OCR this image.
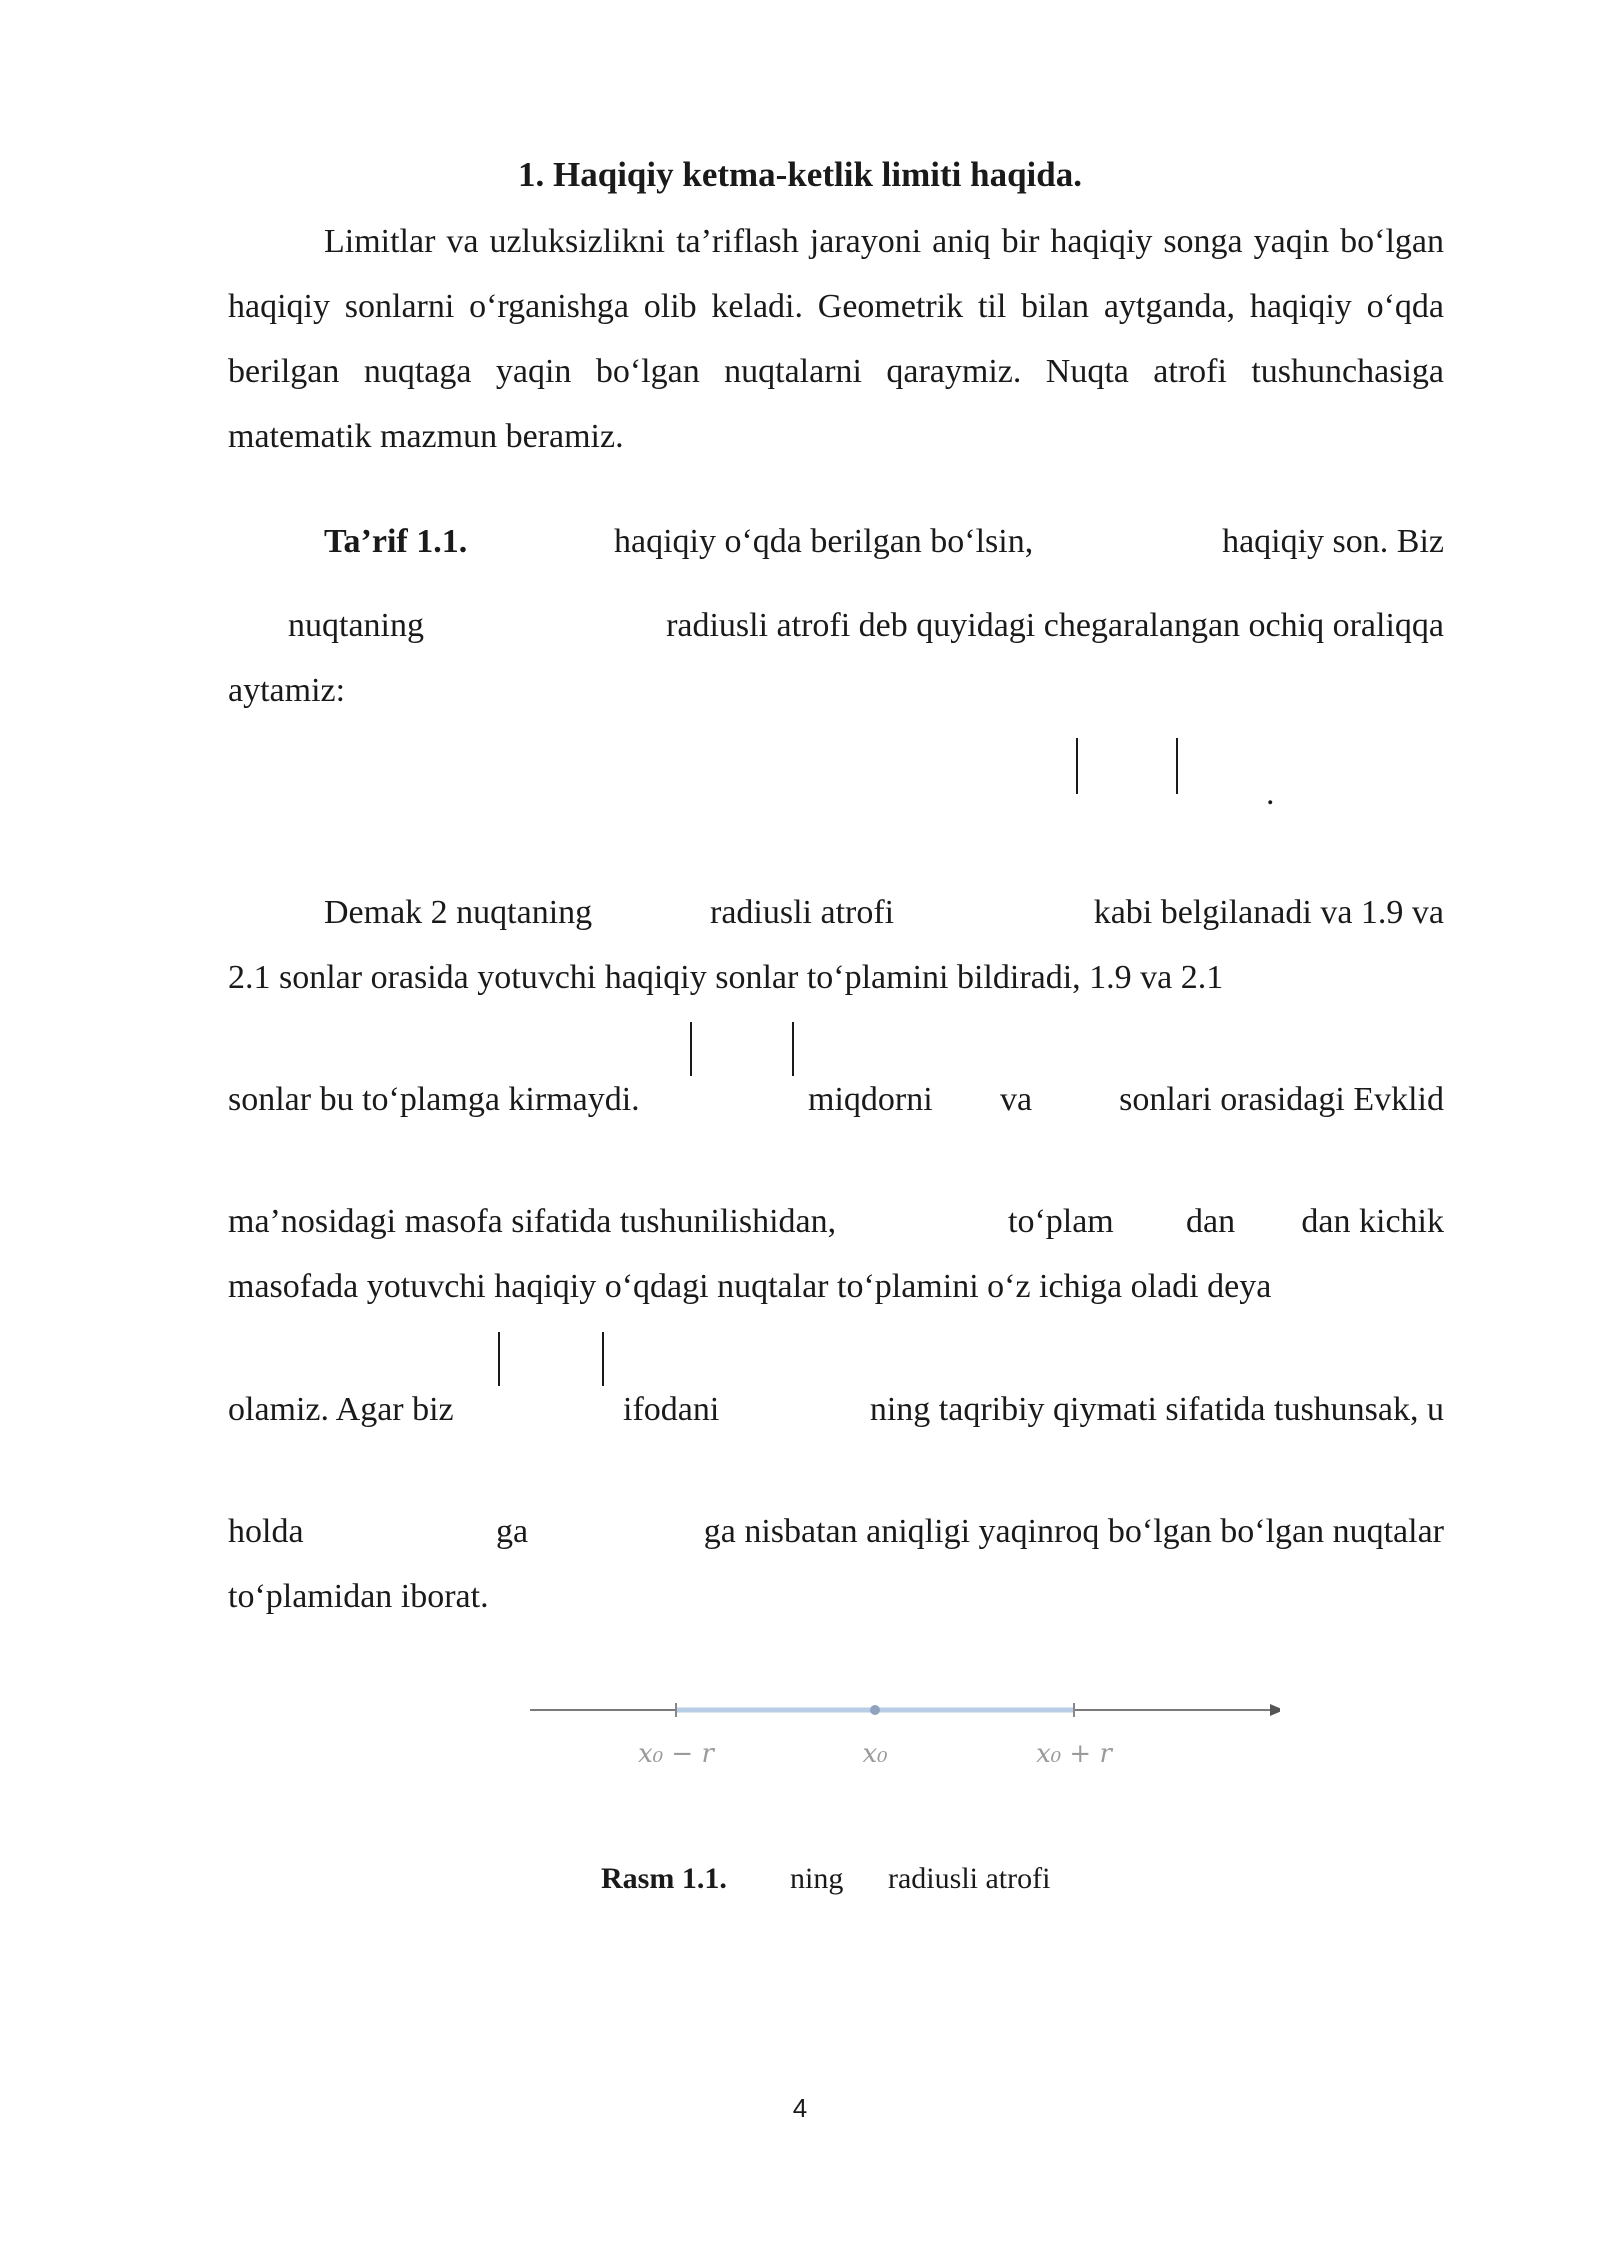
1. Haqiqiy ketma-ketlik limiti haqida.

Limitlar va uzluksizlikni ta’riflash jarayoni aniq bir haqiqiy songa yaqin bo‘lgan haqiqiy sonlarni o‘rganishga olib keladi. Geometrik til bilan aytganda, haqiqiy o‘qda berilgan nuqtaga yaqin bo‘lgan nuqtalarni qaraymiz. Nuqta atrofi tushunchasiga matematik mazmun beramiz.

Ta’rif 1.1.	haqiqiy o‘qda berilgan bo‘lsin,	haqiqiy son. Biz
nuqtaning	radiusli atrofi deb quyidagi chegaralangan ochiq oraliqqa
aytamiz:
.
Demak 2 nuqtaning	radiusli atrofi	kabi belgilanadi va 1.9 va
2.1 sonlar orasida yotuvchi haqiqiy sonlar to‘plamini bildiradi, 1.9 va 2.1
sonlar bu to‘plamga kirmaydi.	miqdorni va	sonlari orasidagi Evklid
ma’nosidagi masofa sifatida tushunilishidan,	to‘plam dan dan kichik
masofada yotuvchi haqiqiy o‘qdagi nuqtalar to‘plamini o‘z ichiga oladi deya
olamiz. Agar biz	ifodani	ning taqribiy qiymati sifatida tushunsak, u
holda	ga	ga nisbatan aniqligi yaqinroq bo‘lgan bo‘lgan nuqtalar
to‘plamidan iborat.
x₀ − r	x₀	x₀ + r
Rasm 1.1. ning radiusli atrofi
4
